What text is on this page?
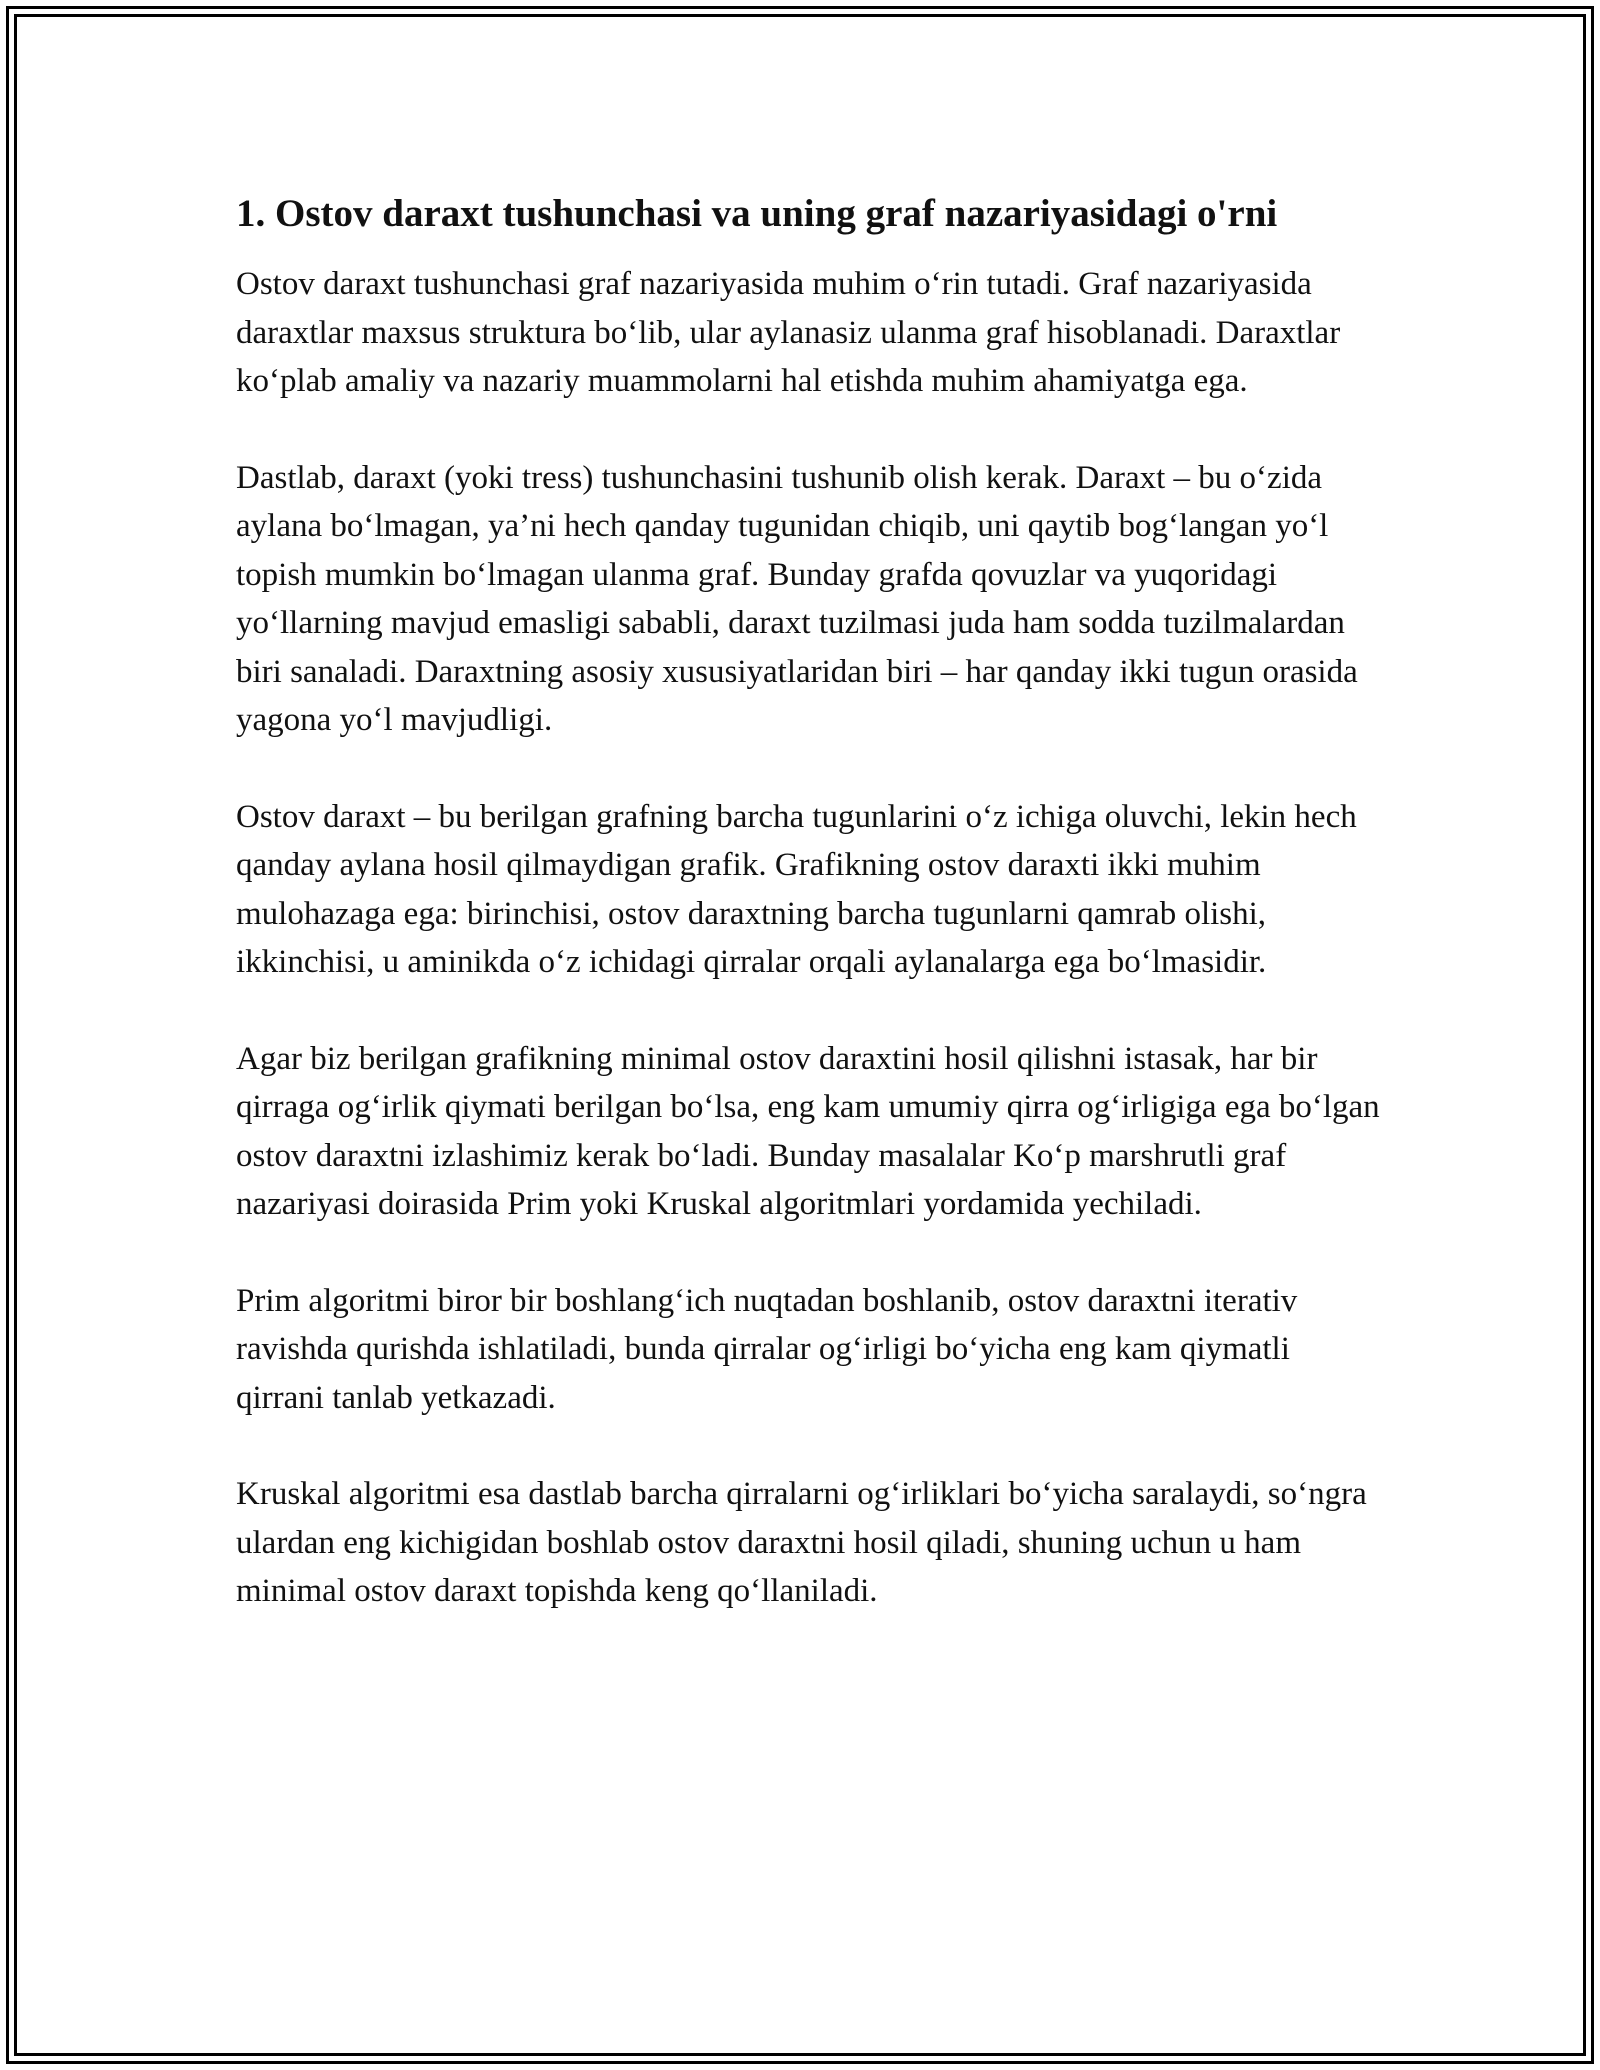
1. Ostov daraxt tushunchasi va uning graf nazariyasidagi o'rni

Ostov daraxt tushunchasi graf nazariyasida muhim o‘rin tutadi. Graf nazariyasida daraxtlar maxsus struktura bo‘lib, ular aylanasiz ulanma graf hisoblanadi. Daraxtlar ko‘plab amaliy va nazariy muammolarni hal etishda muhim ahamiyatga ega.

Dastlab, daraxt (yoki tress) tushunchasini tushunib olish kerak. Daraxt – bu o‘zida aylana bo‘lmagan, ya’ni hech qanday tugunidan chiqib, uni qaytib bog‘langan yo‘l topish mumkin bo‘lmagan ulanma graf. Bunday grafda qovuzlar va yuqoridagi yo‘llarning mavjud emasligi sababli, daraxt tuzilmasi juda ham sodda tuzilmalardan biri sanaladi. Daraxtning asosiy xususiyatlaridan biri – har qanday ikki tugun orasida yagona yo‘l mavjudligi.

Ostov daraxt – bu berilgan grafning barcha tugunlarini o‘z ichiga oluvchi, lekin hech qanday aylana hosil qilmaydigan grafik. Grafikning ostov daraxti ikki muhim mulohazaga ega: birinchisi, ostov daraxtning barcha tugunlarni qamrab olishi, ikkinchisi, u aminikda o‘z ichidagi qirralar orqali aylanalarga ega bo‘lmasidir.

Agar biz berilgan grafikning minimal ostov daraxtini hosil qilishni istasak, har bir qirraga og‘irlik qiymati berilgan bo‘lsa, eng kam umumiy qirra og‘irligiga ega bo‘lgan ostov daraxtni izlashimiz kerak bo‘ladi. Bunday masalalar Ko‘p marshrutli graf nazariyasi doirasida Prim yoki Kruskal algoritmlari yordamida yechiladi.

Prim algoritmi biror bir boshlang‘ich nuqtadan boshlanib, ostov daraxtni iterativ ravishda qurishda ishlatiladi, bunda qirralar og‘irligi bo‘yicha eng kam qiymatli qirrani tanlab yetkazadi.

Kruskal algoritmi esa dastlab barcha qirralarni og‘irliklari bo‘yicha saralaydi, so‘ngra ulardan eng kichigidan boshlab ostov daraxtni hosil qiladi, shuning uchun u ham minimal ostov daraxt topishda keng qo‘llaniladi.
